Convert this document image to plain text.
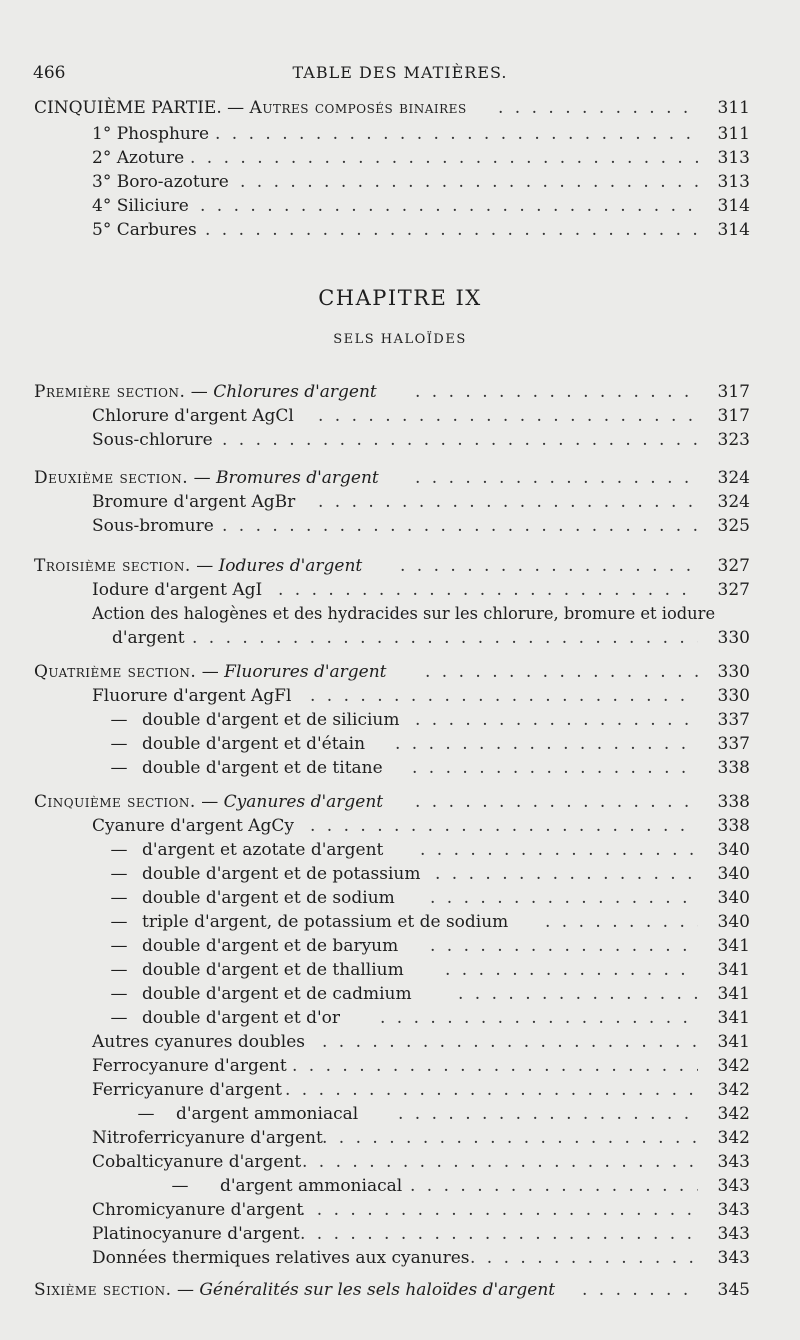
466	TABLE DES MATIÈRES.
CINQUIÈME PARTIE. — Autres composés binaires . . .	311
1° Phosphure . . .	311
2° Azoture . . .	313
3° Boro-azoture . . .	313
4° Siliciure . . .	314
5° Carbures . . .	314
CHAPITRE IX
SELS HALOÏDES
Première section. — Chlorures d'argent . . .	317
Chlorure d'argent AgCl . . .	317
Sous-chlorure . . .	323
Deuxième section. — Bromures d'argent . . .	324
Bromure d'argent AgBr . . .	324
Sous-bromure . . .	325
Troisième section. — Iodures d'argent . . .	327
Iodure d'argent AgI . . .	327
Action des halogènes et des hydracides sur les chlorure, bromure et iodure
d'argent . . .	330
Quatrième section. — Fluorures d'argent . . .	330
Fluorure d'argent AgFl . . .	330
— double d'argent et de silicium . . .	337
— double d'argent et d'étain . . .	337
— double d'argent et de titane . . .	338
Cinquième section. — Cyanures d'argent . . .	338
Cyanure d'argent AgCy . . .	338
— d'argent et azotate d'argent . . .	340
— double d'argent et de potassium . . .	340
— double d'argent et de sodium . . .	340
— triple d'argent, de potassium et de sodium . . .	340
— double d'argent et de baryum . . .	341
— double d'argent et de thallium . . .	341
— double d'argent et de cadmium . . .	341
— double d'argent et d'or . . .	341
Autres cyanures doubles . . .	341
Ferrocyanure d'argent . . .	342
Ferricyanure d'argent . . .	342
— d'argent ammoniacal . . .	342
Nitroferricyanure d'argent . . .	342
Cobalticyanure d'argent . . .	343
— d'argent ammoniacal . . .	343
Chromicyanure d'argent . . .	343
Platinocyanure d'argent . . .	343
Données thermiques relatives aux cyanures . . .	343
Sixième section. — Généralités sur les sels haloïdes d'argent . . .	345
